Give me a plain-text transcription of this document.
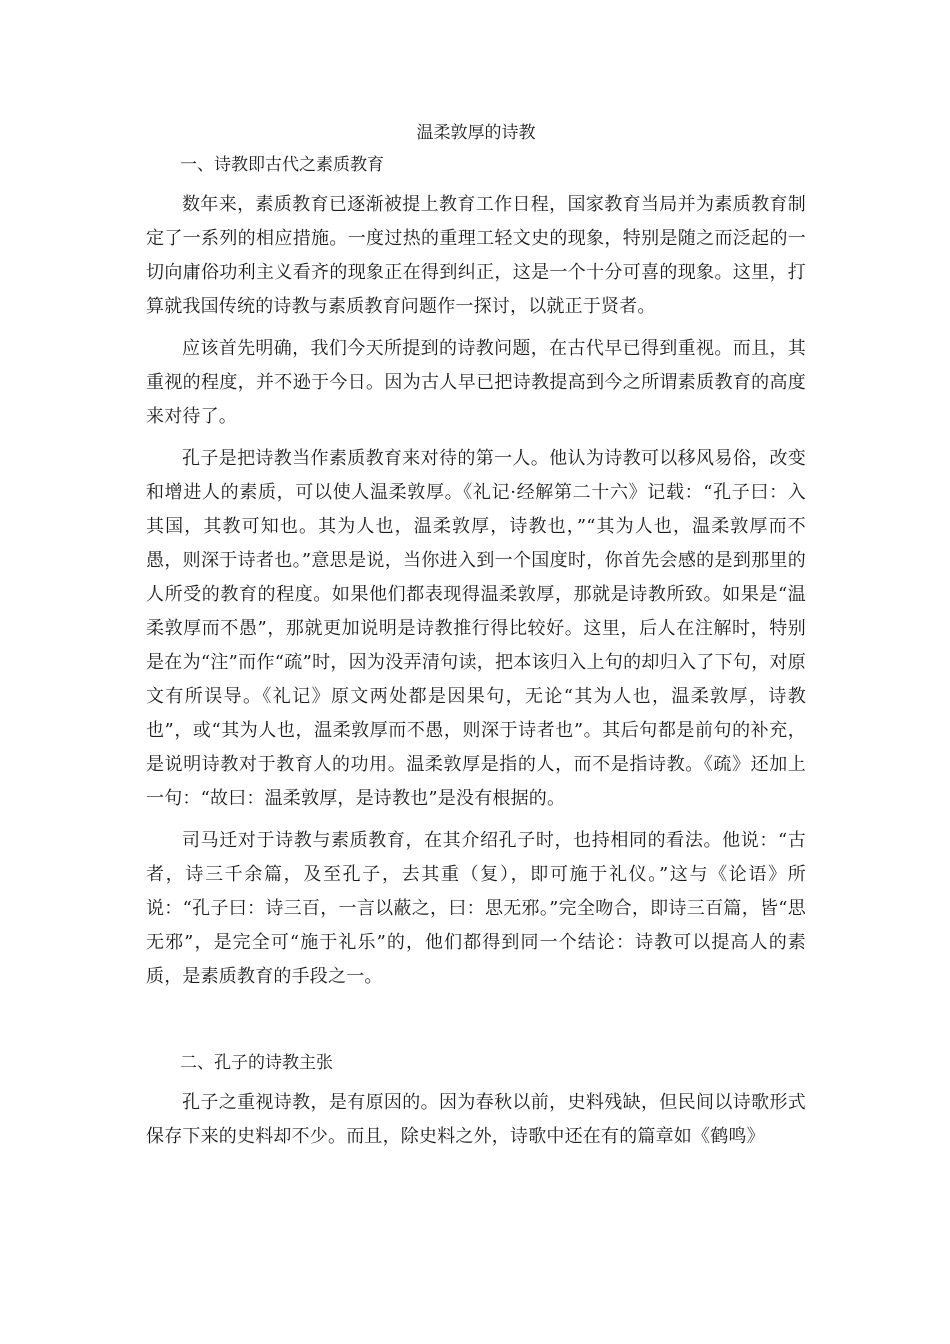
温柔敦厚的诗教
一、诗教即古代之素质教育

数年来，素质教育已逐渐被提上教育工作日程，国家教育当局并为素质教育制定了一系列的相应措施。一度过热的重理工轻文史的现象，特别是随之而泛起的一切向庸俗功利主义看齐的现象正在得到纠正，这是一个十分可喜的现象。这里，打算就我国传统的诗教与素质教育问题作一探讨，以就正于贤者。

应该首先明确，我们今天所提到的诗教问题，在古代早已得到重视。而且，其重视的程度，并不逊于今日。因为古人早已把诗教提高到今之所谓素质教育的高度来对待了。

孔子是把诗教当作素质教育来对待的第一人。他认为诗教可以移风易俗，改变和增进人的素质，可以使人温柔敦厚。《礼记·经解第二十六》记载：“孔子曰：入其国，其教可知也。其为人也，温柔敦厚，诗教也，”“其为人也，温柔敦厚而不愚，则深于诗者也。”意思是说，当你进入到一个国度时，你首先会感的是到那里的人所受的教育的程度。如果他们都表现得温柔敦厚，那就是诗教所致。如果是“温柔敦厚而不愚”，那就更加说明是诗教推行得比较好。这里，后人在注解时，特别是在为“注”而作“疏”时，因为没弄清句读，把本该归入上句的却归入了下句，对原文有所误导。《礼记》原文两处都是因果句，无论“其为人也，温柔敦厚，诗教也”，或“其为人也，温柔敦厚而不愚，则深于诗者也”。其后句都是前句的补充，是说明诗教对于教育人的功用。温柔敦厚是指的人，而不是指诗教。《疏》还加上一句：“故曰：温柔敦厚，是诗教也”是没有根据的。

司马迁对于诗教与素质教育，在其介绍孔子时，也持相同的看法。他说：“古者，诗三千余篇，及至孔子，去其重（复），即可施于礼仪。”这与《论语》所说：“孔子曰：诗三百，一言以蔽之，曰：思无邪。”完全吻合，即诗三百篇，皆“思无邪”，是完全可“施于礼乐”的，他们都得到同一个结论：诗教可以提高人的素质，是素质教育的手段之一。

二、孔子的诗教主张

孔子之重视诗教，是有原因的。因为春秋以前，史料残缺，但民间以诗歌形式保存下来的史料却不少。而且，除史料之外，诗歌中还在有的篇章如《鹤鸣》
